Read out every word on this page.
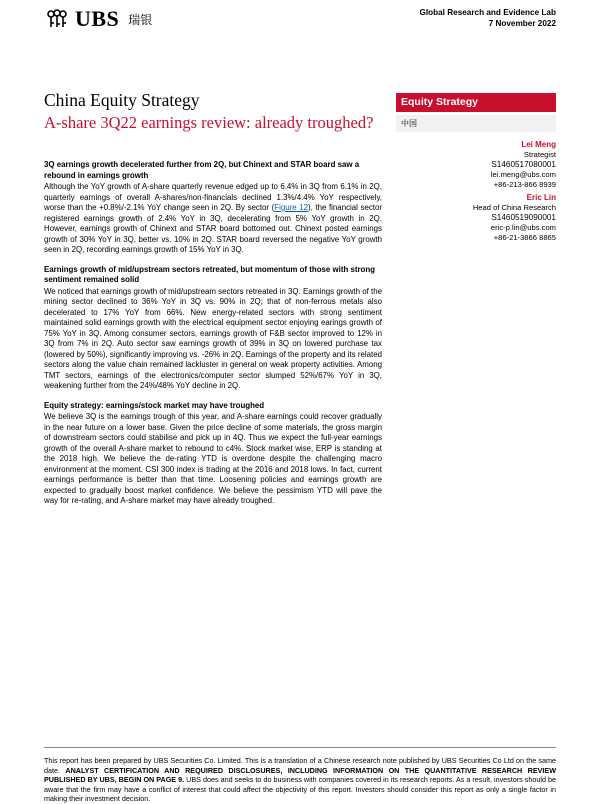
UBS 瑞银	Global Research and Evidence Lab
7 November 2022
China Equity Strategy
A-share 3Q22 earnings review: already troughed?
Equity Strategy
中国
Lei Meng
Strategist
S1460517080001
lei.meng@ubs.com
+86-213-866 8939
Eric Lin
Head of China Research
S1460519090001
eric-p.lin@ubs.com
+86-21-3866 8865

3Q earnings growth decelerated further from 2Q, but Chinext and STAR board saw a rebound in earnings growth

Although the YoY growth of A-share quarterly revenue edged up to 6.4% in 3Q from 6.1% in 2Q, quarterly earnings of overall A-shares/non-financials declined 1.3%/4.4% YoY respectively, worse than the +0.8%/-2.1% YoY change seen in 2Q. By sector (Figure 12), the financial sector registered earnings growth of 2.4% YoY in 3Q, decelerating from 5% YoY growth in 2Q. However, earnings growth of Chinext and STAR board bottomed out. Chinext posted earnings growth of 30% YoY in 3Q, better vs. 10% in 2Q. STAR board reversed the negative YoY growth seen in 2Q, recording earnings growth of 15% YoY in 3Q.

Earnings growth of mid/upstream sectors retreated, but momentum of those with strong sentiment remained solid

We noticed that earnings growth of mid/upstream sectors retreated in 3Q. Earnings growth of the mining sector declined to 36% YoY in 3Q vs. 90% in 2Q; that of non-ferrous metals also decelerated to 17% YoY from 66%. New energy-related sectors with strong sentiment maintained solid earnings growth with the electrical equipment sector enjoying earings growth of 75% YoY in 3Q. Among consumer sectors, earnings growth of F&B sector improved to 12% in 3Q from 7% in 2Q. Auto sector saw earnings growth of 39% in 3Q on lowered purchase tax (lowered by 50%), significantly improving vs. -26% in 2Q. Earnings of the property and its related sectors along the value chain remained lackluster in general on weak property activities. Among TMT sectors, earnings of the electronics/computer sector slumped 52%/67% YoY in 3Q, weakening further from the 24%/48% YoY decline in 2Q.

Equity strategy: earnings/stock market may have troughed

We believe 3Q is the earnings trough of this year, and A-share earnings could recover gradually in the near future on a lower base. Given the price decline of some materials, the gross margin of downstream sectors could stabilise and pick up in 4Q. Thus we expect the full-year earnings growth of the overall A-share market to rebound to c4%. Stock market wise, ERP is standing at the 2018 high. We believe the de-rating YTD is overdone despite the challenging macro environment at the moment. CSI 300 index is trading at the 2016 and 2018 lows. In fact, current earnings performance is better than that time. Loosening policies and earnings growth are expected to gradually boost market confidence. We believe the pessimism YTD will pave the way for re-rating, and A-share market may have already troughed.

This report has been prepared by UBS Securities Co. Limited. This is a translation of a Chinese research note published by UBS Securities Co Ltd on the same date. ANALYST CERTIFICATION AND REQUIRED DISCLOSURES, INCLUDING INFORMATION ON THE QUANTITATIVE RESEARCH REVIEW PUBLISHED BY UBS, BEGIN ON PAGE 9. UBS does and seeks to do business with companies covered in its research reports. As a result, investors should be aware that the firm may have a conflict of interest that could affect the objectivity of this report. Investors should consider this report as only a single factor in making their investment decision.
